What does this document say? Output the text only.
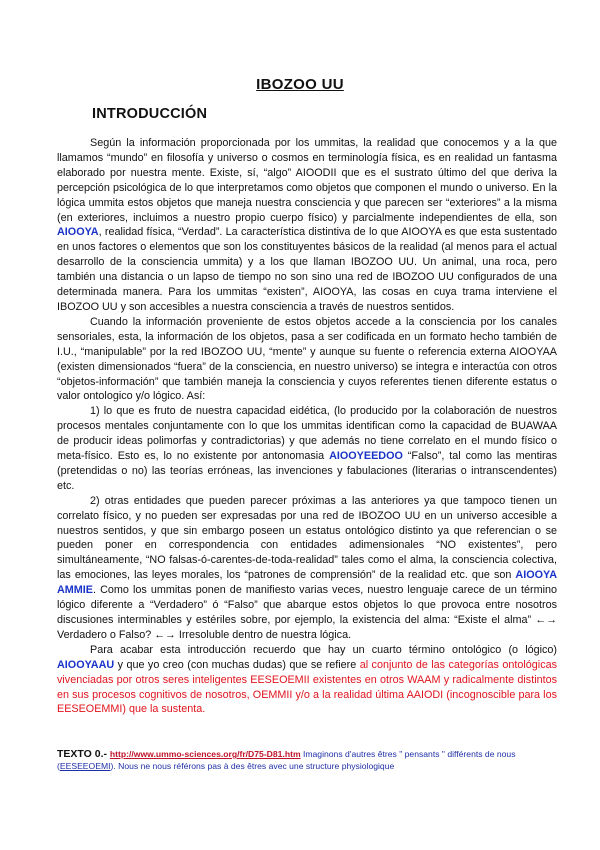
IBOZOO UU
INTRODUCCIÓN

Según la información proporcionada por los ummitas, la realidad que conocemos y a la que llamamos “mundo” en filosofía y universo o cosmos en terminología física, es en realidad un fantasma elaborado por nuestra mente. Existe, sí, “algo” AIOODII que es el sustrato último del que deriva la percepción psicológica de lo que interpretamos como objetos que componen el mundo o universo. En la lógica ummita estos objetos que maneja nuestra consciencia y que parecen ser “exteriores” a la misma (en exteriores, incluimos a nuestro propio cuerpo físico) y parcialmente independientes de ella, son AIOOYA, realidad física, “Verdad”. La característica distintiva de lo que AIOOYA es que esta sustentado en unos factores o elementos que son los constituyentes básicos de la realidad (al menos para el actual desarrollo de la consciencia ummita) y a los que llaman IBOZOO UU. Un animal, una roca, pero también una distancia o un lapso de tiempo no son sino una red de IBOZOO UU configurados de una determinada manera. Para los ummitas “existen”, AIOOYA, las cosas en cuya trama interviene el IBOZOO UU y son accesibles a nuestra consciencia a través de nuestros sentidos.

Cuando la información proveniente de estos objetos accede a la consciencia por los canales sensoriales, esta, la información de los objetos, pasa a ser codificada en un formato hecho también de I.U., “manipulable” por la red IBOZOO UU, “mente” y aunque su fuente o referencia externa AIOOYAA (existen dimensionados “fuera” de la consciencia, en nuestro universo) se integra e interactúa con otros “objetos-información” que también maneja la consciencia y cuyos referentes tienen diferente estatus o valor ontologico y/o lógico. Así:

1) lo que es fruto de nuestra capacidad eidética, (lo producido por la colaboración de nuestros procesos mentales conjuntamente con lo que los ummitas identifican como la capacidad de BUAWAA de producir ideas polimorfas y contradictorias) y que además no tiene correlato en el mundo físico o meta-físico. Esto es, lo no existente por antonomasia AIOOYEEDOO “Falso”, tal como las mentiras (pretendidas o no) las teorías erróneas, las invenciones y fabulaciones (literarias o intranscendentes) etc.

2) otras entidades que pueden parecer próximas a las anteriores ya que tampoco tienen un correlato físico, y no pueden ser expresadas por una red de IBOZOO UU en un universo accesible a nuestros sentidos, y que sin embargo poseen un estatus ontológico distinto ya que referencian o se pueden poner en correspondencia con entidades adimensionales “NO existentes”, pero simultáneamente, “NO falsas-ó-carentes-de-toda-realidad” tales como el alma, la consciencia colectiva, las emociones, las leyes morales, los “patrones de comprensión” de la realidad etc. que son AIOOYA AMMIE. Como los ummitas ponen de manifiesto varias veces, nuestro lenguaje carece de un término lógico diferente a “Verdadero” ó “Falso” que abarque estos objetos lo que provoca entre nosotros discusiones interminables y estériles sobre, por ejemplo, la existencia del alma: “Existe el alma” ←→ Verdadero o Falso? ←→ Irresoluble dentro de nuestra lógica.

Para acabar esta introducción recuerdo que hay un cuarto término ontológico (o lógico) AIOOYAAU y que yo creo (con muchas dudas) que se refiere al conjunto de las categorías ontológicas vivenciadas por otros seres inteligentes EESEOEMII existentes en otros WAAM y radicalmente distintos en sus procesos cognitivos de nosotros, OEMMII y/o a la realidad última AAIODI (incognoscible para los EESEOEMMI) que la sustenta.

TEXTO 0.- http://www.ummo-sciences.org/fr/D75-D81.htm Imaginons d'autres êtres " pensants " différents de nous (EESEEOEMI). Nous ne nous référons pas à des êtres avec une structure physiologique
